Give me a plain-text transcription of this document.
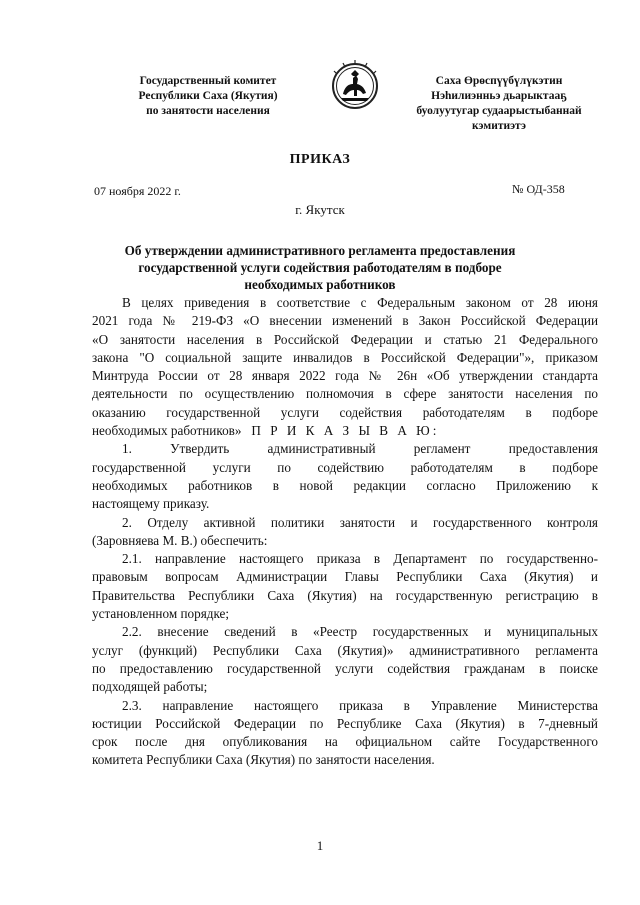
Государственный комитет
Республики Саха (Якутия)
по занятости населения
Саха Өрөспүүбүлүкэтин
Нэһилиэнньэ дьарыктааҕ
буолуутугар судаарыстыбаннай
кэмитиэтэ
ПРИКАЗ
07 ноября 2022 г.	№ ОД-358
г. Якутск
Об утверждении административного регламента предоставления
государственной услуги содействия работодателям в подборе
необходимых работников
В целях приведения в соответствие с Федеральным законом от 28 июня
2021 года № 219-ФЗ «О внесении изменений в Закон Российской Федерации
«О занятости населения в Российской Федерации и статью 21 Федерального
закона "О социальной защите инвалидов в Российской Федерации"», приказом
Минтруда России от 28 января 2022 года № 26н «Об утверждении стандарта
деятельности по осуществлению полномочия в сфере занятости населения по
оказанию государственной услуги содействия работодателям в подборе
необходимых работников» П Р И К А З Ы В А Ю:
1. Утвердить административный регламент предоставления
государственной услуги по содействию работодателям в подборе
необходимых работников в новой редакции согласно Приложению к
настоящему приказу.
2. Отделу активной политики занятости и государственного контроля
(Заровняева М. В.) обеспечить:
2.1. направление настоящего приказа в Департамент по государственно-
правовым вопросам Администрации Главы Республики Саха (Якутия) и
Правительства Республики Саха (Якутия) на государственную регистрацию в
установленном порядке;
2.2. внесение сведений в «Реестр государственных и муниципальных
услуг (функций) Республики Саха (Якутия)» административного регламента
по предоставлению государственной услуги содействия гражданам в поиске
подходящей работы;
2.3. направление настоящего приказа в Управление Министерства
юстиции Российской Федерации по Республике Саха (Якутия) в 7-дневный
срок после дня опубликования на официальном сайте Государственного
комитета Республики Саха (Якутия) по занятости населения.
1
